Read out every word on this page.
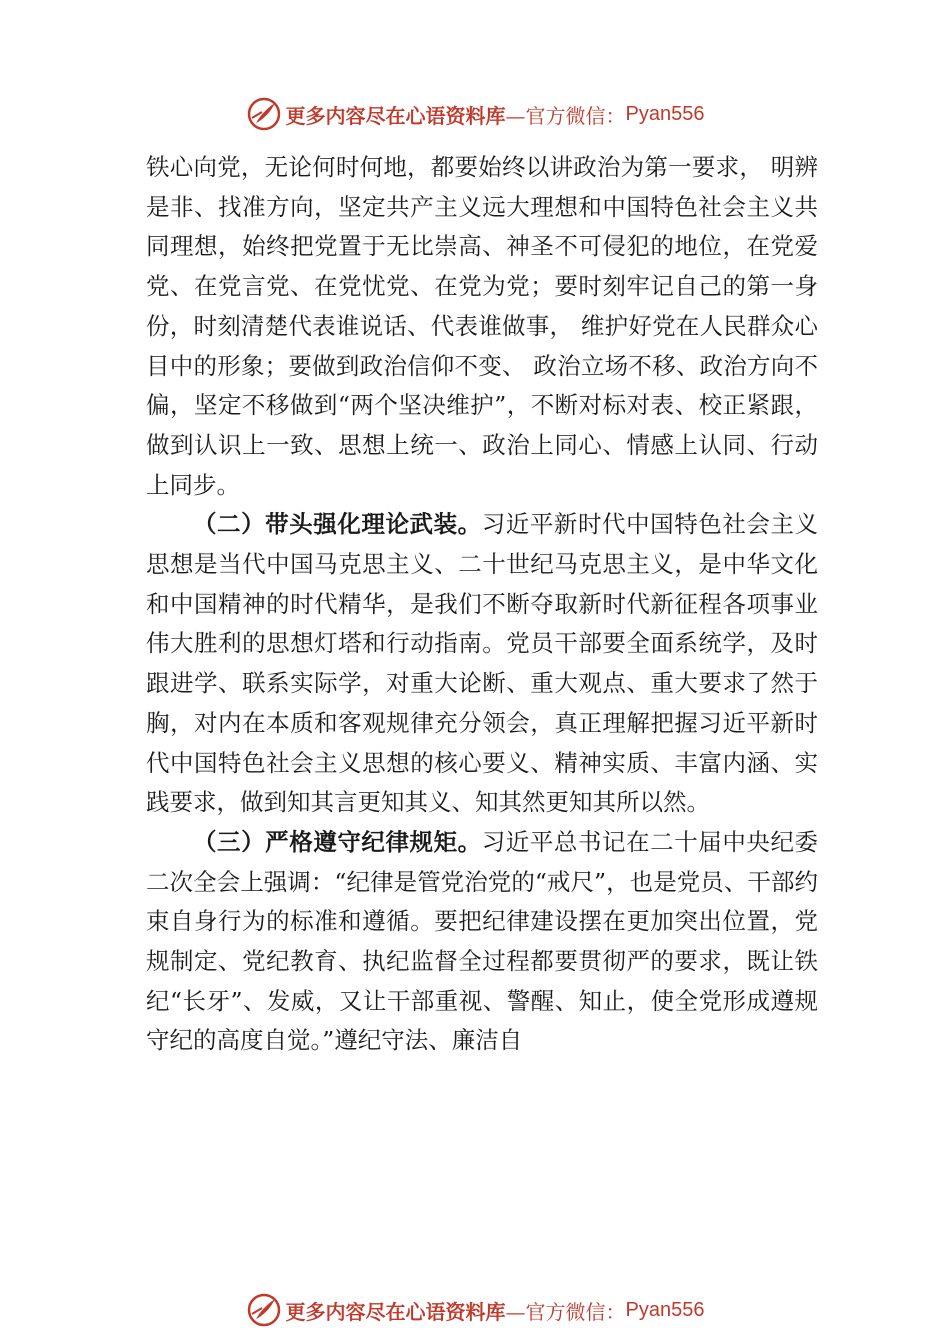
更多内容尽在心语资料库 —官方微信： Pyan556

铁心向党，无论何时何地，都要始终以讲政治为第一要求， 明辨是非、找准方向，坚定共产主义远大理想和中国特色社会主义共同理想，始终把党置于无比崇高、神圣不可侵犯的地位，在党爱党、在党言党、在党忧党、在党为党；要时刻牢记自己的第一身份，时刻清楚代表谁说话、代表谁做事， 维护好党在人民群众心目中的形象；要做到政治信仰不变、 政治立场不移、政治方向不偏，坚定不移做到“两个坚决维护”，不断对标对表、校正紧跟，做到认识上一致、思想上统一、政治上同心、情感上认同、行动上同步。

（二）带头强化理论武装。习近平新时代中国特色社会主义思想是当代中国马克思主义、二十世纪马克思主义，是中华文化和中国精神的时代精华，是我们不断夺取新时代新征程各项事业伟大胜利的思想灯塔和行动指南。党员干部要全面系统学，及时跟进学、联系实际学，对重大论断、重大观点、重大要求了然于胸，对内在本质和客观规律充分领会，真正理解把握习近平新时代中国特色社会主义思想的核心要义、精神实质、丰富内涵、实践要求，做到知其言更知其义、知其然更知其所以然。

（三）严格遵守纪律规矩。习近平总书记在二十届中央纪委二次全会上强调：“纪律是管党治党的“戒尺”，也是党员、干部约束自身行为的标准和遵循。要把纪律建设摆在更加突出位置，党规制定、党纪教育、执纪监督全过程都要贯彻严的要求，既让铁纪“长牙”、发威，又让干部重视、警醒、知止，使全党形成遵规守纪的高度自觉。”遵纪守法、廉洁自

更多内容尽在心语资料库 —官方微信： Pyan556
